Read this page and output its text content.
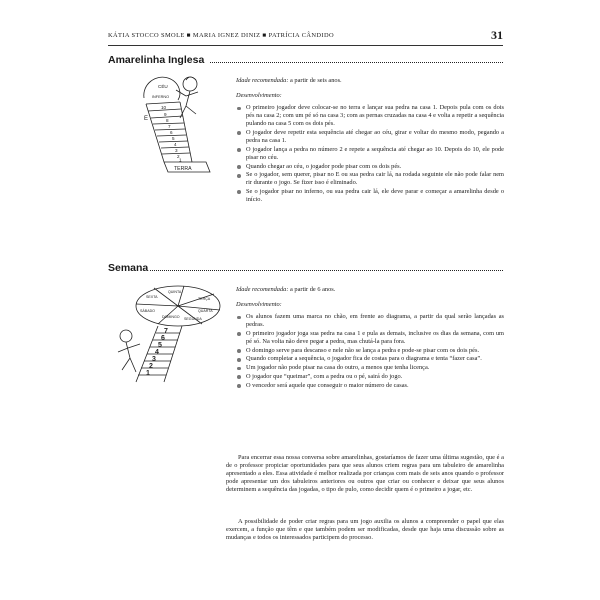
KÁTIA STOCCO SMOLE ■ MARIA IGNEZ DINIZ ■ PATRÍCIA CÂNDIDO	31
Amarelinha Inglesa
CÉU
INFERNO
TERRA
E
10
9
8
7
6
5
4
3
2
1

Idade recomendada: a partir de seis anos.

Desenvolvimento:

O primeiro jogador deve colocar-se no terra e lançar sua pedra na casa 1. Depois pula com os dois pés na casa 2; com um pé só na casa 3; com as pernas cruzadas na casa 4 e volta a repetir a sequência pulando na casa 5 com os dois pés.
O jogador deve repetir esta sequência até chegar ao céu, girar e voltar do mesmo modo, pegando a pedra na casa 1.
O jogador lança a pedra no número 2 e repete a sequência até chegar ao 10. Depois do 10, ele pode pisar no céu.
Quando chegar ao céu, o jogador pode pisar com os dois pés.
Se o jogador, sem querer, pisar no E ou sua pedra cair lá, na rodada seguinte ele não pode falar nem rir durante o jogo. Se fizer isso é eliminado.
Se o jogador pisar no inferno, ou sua pedra cair lá, ele deve parar e começar a amarelinha desde o início.
Semana
SEXTA
QUINTA
TERÇA
SÁBADO
DOMINGO
QUARTA
SEGUNDA
7
6
5
4
3
2
1

Idade recomendada: a partir de 6 anos.

Desenvolvimento:

Os alunos fazem uma marca no chão, em frente ao diagrama, a partir da qual serão lançadas as pedras.
O primeiro jogador joga sua pedra na casa 1 e pula as demais, inclusive os dias da semana, com um pé só. Na volta não deve pegar a pedra, mas chutá-la para fora.
O domingo serve para descanso e nele não se lança a pedra e pode-se pisar com os dois pés.
Quando completar a sequência, o jogador fica de costas para o diagrama e tenta “fazer casa”.
Um jogador não pode pisar na casa do outro, a menos que tenha licença.
O jogador que “queimar”, com a pedra ou o pé, sairá do jogo.
O vencedor será aquele que conseguir o maior número de casas.

Para encerrar essa nossa conversa sobre amarelinhas, gostaríamos de fazer uma última sugestão, que é a de o professor propiciar oportunidades para que seus alunos criem regras para um tabuleiro de amarelinha apresentado a eles. Essa atividade é melhor realizada por crianças com mais de seis anos quando o professor pode apresentar um dos tabuleiros anteriores ou outros que criar ou conhecer e deixar que seus alunos determinem a sequência das jogadas, o tipo de pulo, como decidir quem é o primeiro a jogar, etc.

A possibilidade de poder criar regras para um jogo auxilia os alunos a compreender o papel que elas exercem, a função que têm e que também podem ser modificadas, desde que haja uma discussão sobre as mudanças e todos os interessados participem do processo.
